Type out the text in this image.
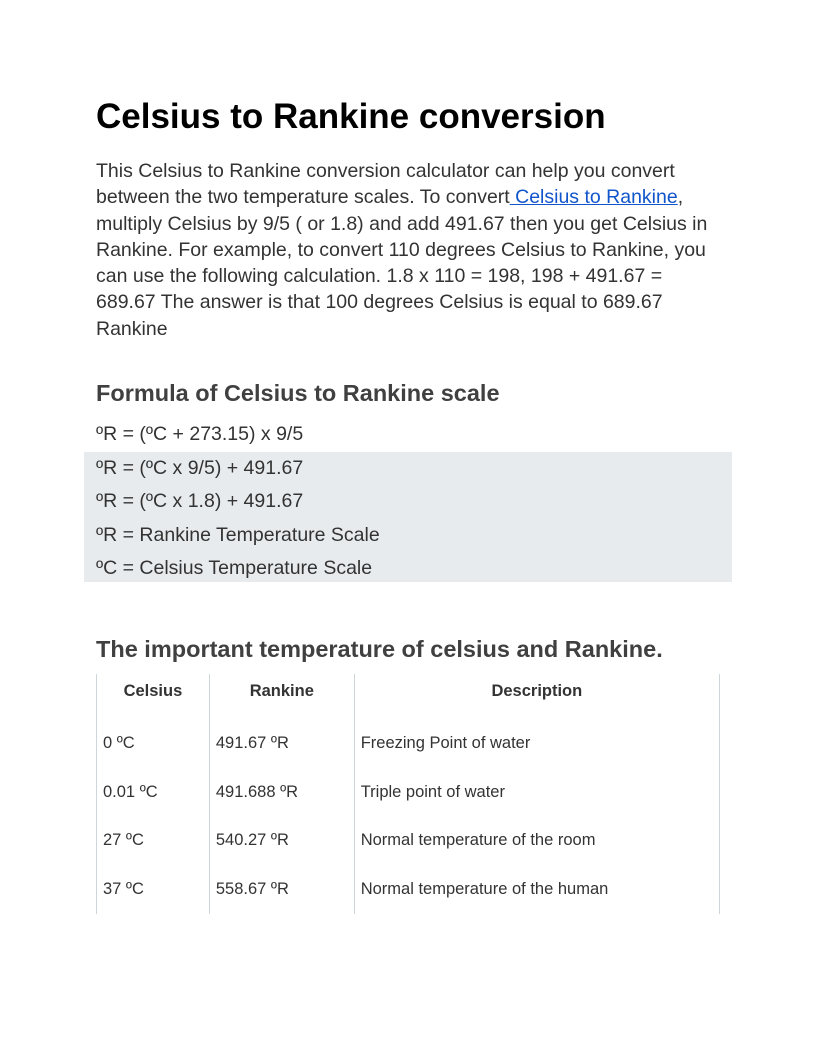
Celsius to Rankine conversion

This Celsius to Rankine conversion calculator can help you convert between the two temperature scales. To convert Celsius to Rankine, multiply Celsius by 9/5 ( or 1.8) and add 491.67 then you get Celsius in Rankine. For example, to convert 110 degrees Celsius to Rankine, you can use the following calculation. 1.8 x 110 = 198, 198 + 491.67 = 689.67 The answer is that 100 degrees Celsius is equal to 689.67 Rankine

Formula of Celsius to Rankine scale
ºR = (ºC + 273.15) x 9/5
ºR = (ºC x 9/5) + 491.67
ºR = (ºC x 1.8) + 491.67
ºR = Rankine Temperature Scale
ºC = Celsius Temperature Scale
The important temperature of celsius and Rankine.
Celsius	Rankine	Description
0 ºC	491.67 ºR	Freezing Point of water
0.01 ºC	491.688 ºR	Triple point of water
27 ºC	540.27 ºR	Normal temperature of the room
37 ºC	558.67 ºR	Normal temperature of the human
